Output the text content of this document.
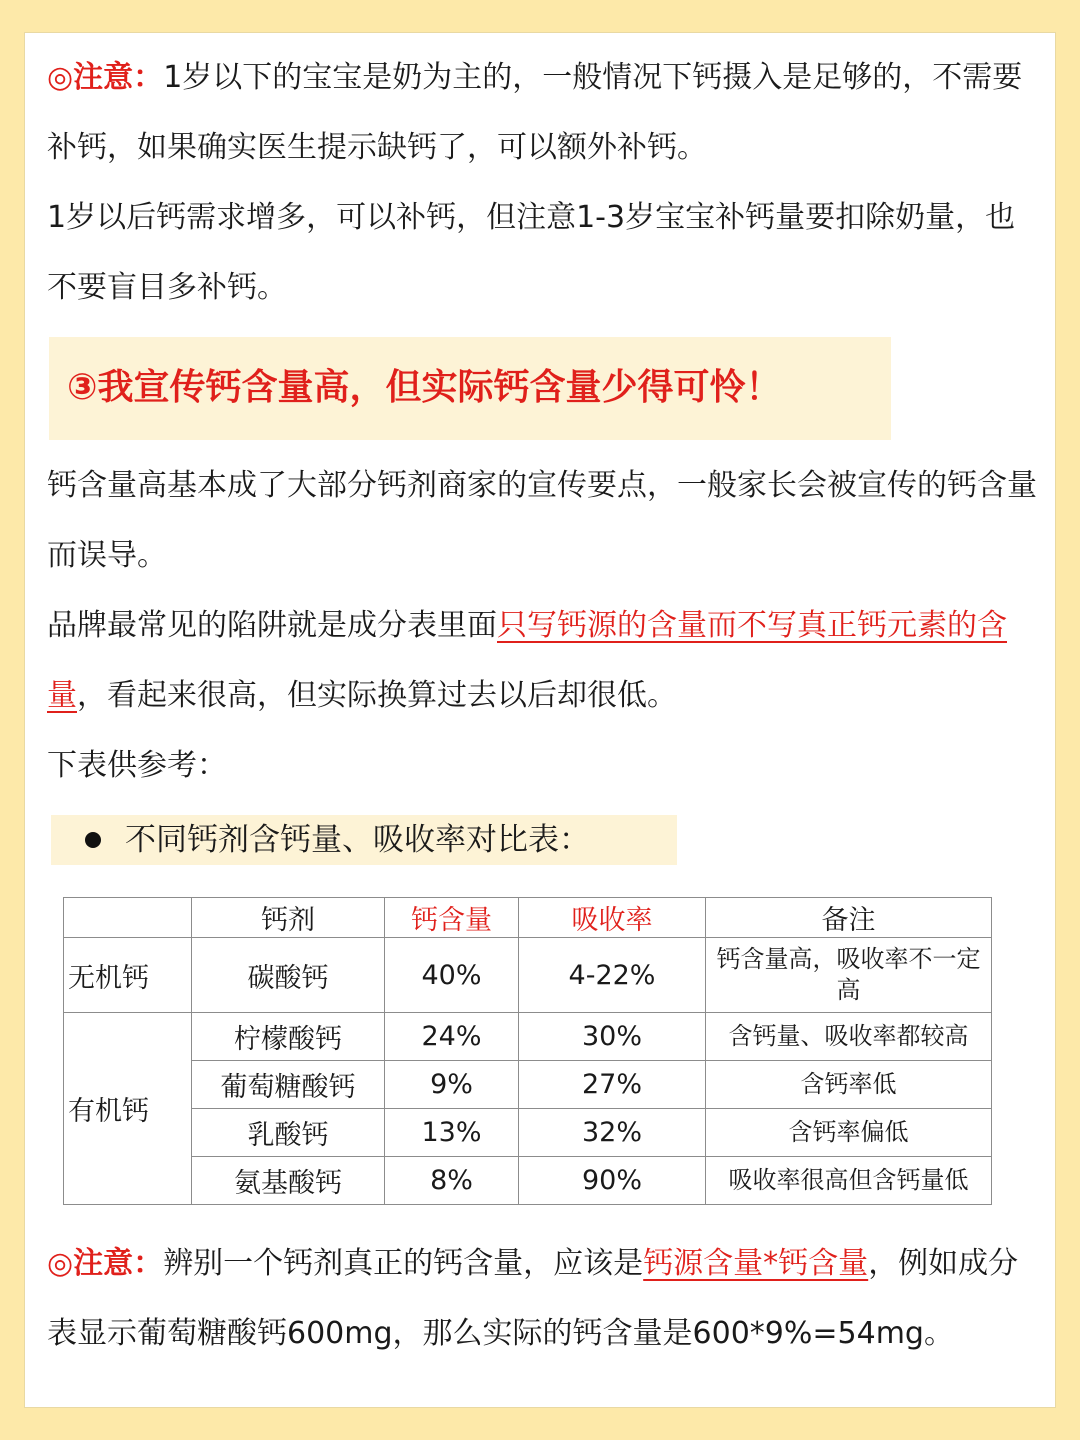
◎注意：1岁以下的宝宝是奶为主的，一般情况下钙摄入是足够的，不需要补钙，如果确实医生提示缺钙了，可以额外补钙。

1岁以后钙需求增多，可以补钙，但注意1-3岁宝宝补钙量要扣除奶量，也不要盲目多补钙。

③我宣传钙含量高，但实际钙含量少得可怜！

钙含量高基本成了大部分钙剂商家的宣传要点，一般家长会被宣传的钙含量而误导。

品牌最常见的陷阱就是成分表里面只写钙源的含量而不写真正钙元素的含量，看起来很高，但实际换算过去以后却很低。

下表供参考：

不同钙剂含钙量、吸收率对比表：

	钙剂	钙含量	吸收率	备注
无机钙	碳酸钙	40%	4-22%	钙含量高，吸收率不一定高
有机钙	柠檬酸钙	24%	30%	含钙量、吸收率都较高
	葡萄糖酸钙	9%	27%	含钙率低
	乳酸钙	13%	32%	含钙率偏低
	氨基酸钙	8%	90%	吸收率很高但含钙量低

◎注意：辨别一个钙剂真正的钙含量，应该是钙源含量*钙含量，例如成分表显示葡萄糖酸钙600mg，那么实际的钙含量是600*9%=54mg。
